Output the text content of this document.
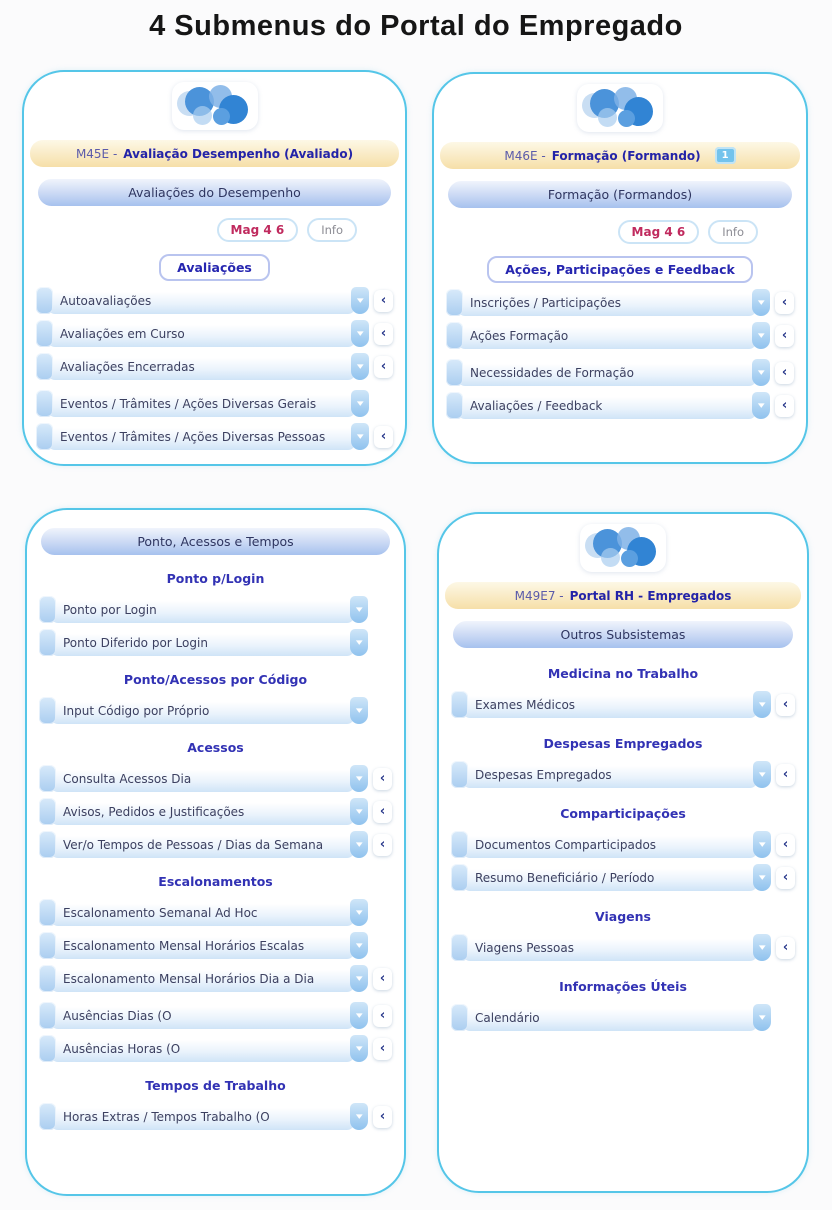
4 Submenus do Portal do Empregado
M45E - Avaliação Desempenho (Avaliado)
Avaliações do Desempenho
Mag 4 6	Info
Avaliações
Autoavaliações	▾ ‹
Avaliações em Curso	▾ ‹
Avaliações Encerradas	▾ ‹
Eventos / Trâmites / Ações Diversas Gerais	▾
Eventos / Trâmites / Ações Diversas Pessoas	▾ ‹
M46E - Formação (Formando)	1
Formação (Formandos)
Mag 4 6	Info
Ações, Participações e Feedback
Inscrições / Participações	▾ ‹
Ações Formação	▾ ‹
Necessidades de Formação	▾ ‹
Avaliações / Feedback	▾ ‹
Ponto, Acessos e Tempos
Ponto p/Login
Ponto por Login	▾
Ponto Diferido por Login	▾
Ponto/Acessos por Código
Input Código por Próprio	▾
Acessos
Consulta Acessos Dia	▾ ‹
Avisos, Pedidos e Justificações	▾ ‹
Ver/o Tempos de Pessoas / Dias da Semana	▾ ‹
Escalonamentos
Escalonamento Semanal Ad Hoc	▾
Escalonamento Mensal Horários Escalas	▾
Escalonamento Mensal Horários Dia a Dia	▾ ‹
Ausências Dias (O	▾ ‹
Ausências Horas (O	▾ ‹
Tempos de Trabalho
Horas Extras / Tempos Trabalho (O	▾ ‹
M49E7 - Portal RH - Empregados
Outros Subsistemas
Medicina no Trabalho
Exames Médicos	▾ ‹
Despesas Empregados
Despesas Empregados	▾ ‹
Comparticipações
Documentos Comparticipados	▾ ‹
Resumo Beneficiário / Período	▾ ‹
Viagens
Viagens Pessoas	▾ ‹
Informações Úteis
Calendário	▾
